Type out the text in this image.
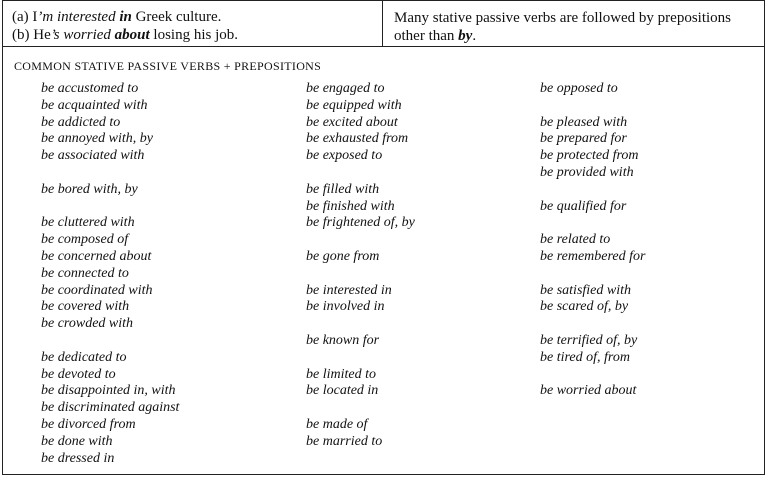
(a) I’m interested in Greek culture.
(b) He’s worried about losing his job.
Many stative passive verbs are followed by prepositions
other than by.
COMMON STATIVE PASSIVE VERBS + PREPOSITIONS
be accustomed to
be acquainted with
be addicted to
be annoyed with, by
be associated with
be bored with, by
be cluttered with
be composed of
be concerned about
be connected to
be coordinated with
be covered with
be crowded with
be dedicated to
be devoted to
be disappointed in, with
be discriminated against
be divorced from
be done with
be dressed in
be engaged to
be equipped with
be excited about
be exhausted from
be exposed to
be filled with
be finished with
be frightened of, by
be gone from
be interested in
be involved in
be known for
be limited to
be located in
be made of
be married to
be opposed to
be pleased with
be prepared for
be protected from
be provided with
be qualified for
be related to
be remembered for
be satisfied with
be scared of, by
be terrified of, by
be tired of, from
be worried about
